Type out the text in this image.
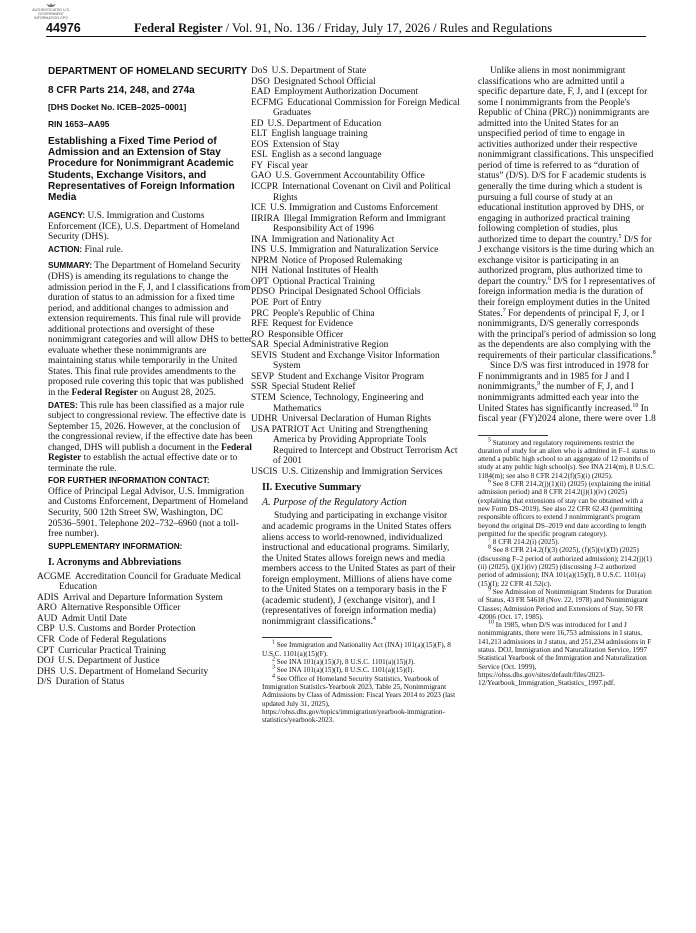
AUTHENTICATED U.S. GOVERNMENT INFORMATION GPO
44976	Federal Register / Vol. 91, No. 136 / Friday, July 17, 2026 / Rules and Regulations
DEPARTMENT OF HOMELAND SECURITY
8 CFR Parts 214, 248, and 274a
[DHS Docket No. ICEB–2025–0001]
RIN 1653–AA95
Establishing a Fixed Time Period of Admission and an Extension of Stay Procedure for Nonimmigrant Academic Students, Exchange Visitors, and Representatives of Foreign Information Media

AGENCY: U.S. Immigration and Customs Enforcement (ICE), U.S. Department of Homeland Security (DHS).

ACTION: Final rule.

SUMMARY: The Department of Homeland Security (DHS) is amending its regulations to change the admission period in the F, J, and I classifications from duration of status to an admission for a fixed time period, and additional changes to admission and extension requirements. This final rule will provide additional protections and oversight of these nonimmigrant categories and will allow DHS to better evaluate whether these nonimmigrants are maintaining status while temporarily in the United States. This final rule provides amendments to the proposed rule covering this topic that was published in the Federal Register on August 28, 2025.

DATES: This rule has been classified as a major rule subject to congressional review. The effective date is September 15, 2026. However, at the conclusion of the congressional review, if the effective date has been changed, DHS will publish a document in the Federal Register to establish the actual effective date or to terminate the rule.

FOR FURTHER INFORMATION CONTACT:

Office of Principal Legal Advisor, U.S. Immigration and Customs Enforcement, Department of Homeland Security, 500 12th Street SW, Washington, DC 20536–5901. Telephone 202–732–6960 (not a toll-free number).

SUPPLEMENTARY INFORMATION:

I. Acronyms and Abbreviations
ACGME Accreditation Council for Graduate Medical Education
ADIS Arrival and Departure Information System
ARO Alternative Responsible Officer
AUD Admit Until Date
CBP U.S. Customs and Border Protection
CFR Code of Federal Regulations
CPT Curricular Practical Training
DOJ U.S. Department of Justice
DHS U.S. Department of Homeland Security
D/S Duration of Status
DoS U.S. Department of State
DSO Designated School Official
EAD Employment Authorization Document
ECFMG Educational Commission for Foreign Medical Graduates
ED U.S. Department of Education
ELT English language training
EOS Extension of Stay
ESL English as a second language
FY Fiscal year
GAO U.S. Government Accountability Office
ICCPR International Covenant on Civil and Political Rights
ICE U.S. Immigration and Customs Enforcement
IIRIRA Illegal Immigration Reform and Immigrant Responsibility Act of 1996
INA Immigration and Nationality Act
INS U.S. Immigration and Naturalization Service
NPRM Notice of Proposed Rulemaking
NIH National Institutes of Health
OPT Optional Practical Training
PDSO Principal Designated School Officials
POE Port of Entry
PRC People's Republic of China
RFE Request for Evidence
RO Responsible Officer
SAR Special Administrative Region
SEVIS Student and Exchange Visitor Information System
SEVP Student and Exchange Visitor Program
SSR Special Student Relief
STEM Science, Technology, Engineering and Mathematics
UDHR Universal Declaration of Human Rights
USA PATRIOT Act Uniting and Strengthening America by Providing Appropriate Tools Required to Intercept and Obstruct Terrorism Act of 2001
USCIS U.S. Citizenship and Immigration Services
II. Executive Summary
A. Purpose of the Regulatory Action

Studying and participating in exchange visitor and academic programs in the United States offers aliens access to world-renowned, individualized instructional and educational programs. Similarly, the United States allows foreign news and media members access to the United States as part of their foreign employment. Millions of aliens have come to the United States on a temporary basis in the F (academic student), J (exchange visitor), and I (representatives of foreign information media) nonimmigrant classifications.$^4$

$^1$ See Immigration and Nationality Act (INA) 101(a)(15)(F), 8 U.S.C. 1101(a)(15)(F).

$^2$ See INA 101(a)(15)(J), 8 U.S.C. 1101(a)(15)(J).

$^3$ See INA 101(a)(15)(I), 8 U.S.C. 1101(a)(15)(I).

$^4$ See Office of Homeland Security Statistics, Yearbook of Immigration Statistics-Yearbook 2023, Table 25, Nonimmigrant Admissions by Class of Admission: Fiscal Years 2014 to 2023 (last updated July 31, 2025), https://ohss.dhs.gov/topics/immigration/yearbook-immigration-statistics/yearbook-2023.

Unlike aliens in most nonimmigrant classifications who are admitted until a specific departure date, F, J, and I (except for some I nonimmigrants from the People's Republic of China (PRC)) nonimmigrants are admitted into the United States for an unspecified period of time to engage in activities authorized under their respective nonimmigrant classifications. This unspecified period of time is referred to as “duration of status” (D/S). D/S for F academic students is generally the time during which a student is pursuing a full course of study at an educational institution approved by DHS, or engaging in authorized practical training following completion of studies, plus authorized time to depart the country.$^5$ D/S for J exchange visitors is the time during which an exchange visitor is participating in an authorized program, plus authorized time to depart the country.$^6$ D/S for I representatives of foreign information media is the duration of their foreign employment duties in the United States.$^7$ For dependents of principal F, J, or I nonimmigrants, D/S generally corresponds with the principal's period of admission so long as the dependents are also complying with the requirements of their particular classifications.$^8$

Since D/S was first introduced in 1978 for F nonimmigrants and in 1985 for J and I nonimmigrants,$^9$ the number of F, J, and I nonimmigrants admitted each year into the United States has significantly increased.$^{10}$ In fiscal year (FY)2024 alone, there were over 1.8

$^5$ Statutory and regulatory requirements restrict the duration of study for an alien who is admitted in F–1 status to attend a public high school to an aggregate of 12 months of study at any public high school(s). See INA 214(m), 8 U.S.C. 1184(m); see also 8 CFR 214.2(f)(5)(i) (2025).

$^6$ See 8 CFR 214.2(j)(1)(ii) (2025) (explaining the initial admission period) and 8 CFR 214.2(j)(1)(iv) (2025) (explaining that extensions of stay can be obtained with a new Form DS–2019). See also 22 CFR 62.43 (permitting responsible officers to extend J nonimmigrant's program beyond the original DS–2019 end date according to length permitted for the specific program category).

$^7$ 8 CFR 214.2(i) (2025).

$^8$ See 8 CFR 214.2(f)(3) (2025), (f)(5)(vi)(D) (2025) (discussing F–2 period of authorized admission); 214.2(j)(1)(ii) (2025), (j)(1)(iv) (2025) (discussing J–2 authorized period of admission); INA 101(a)(15)(I), 8 U.S.C. 1101(a)(15)(I); 22 CFR 41.52(c).

$^9$ See Admission of Nonimmigrant Students for Duration of Status, 43 FR 54618 (Nov. 22, 1978) and Nonimmigrant Classes; Admission Period and Extensions of Stay, 50 FR 42006 (Oct. 17, 1985).

$^{10}$ In 1985, when D/S was introduced for I and J nonimmigrants, there were 16,753 admissions in I status, 141,213 admissions in J status, and 251,234 admissions in F status. DOJ, Immigration and Naturalization Service, 1997 Statistical Yearbook of the Immigration and Naturalization Service (Oct. 1999), https://ohss.dhs.gov/sites/default/files/2023-12/Yearbook_Immigration_Statistics_1997.pdf.
